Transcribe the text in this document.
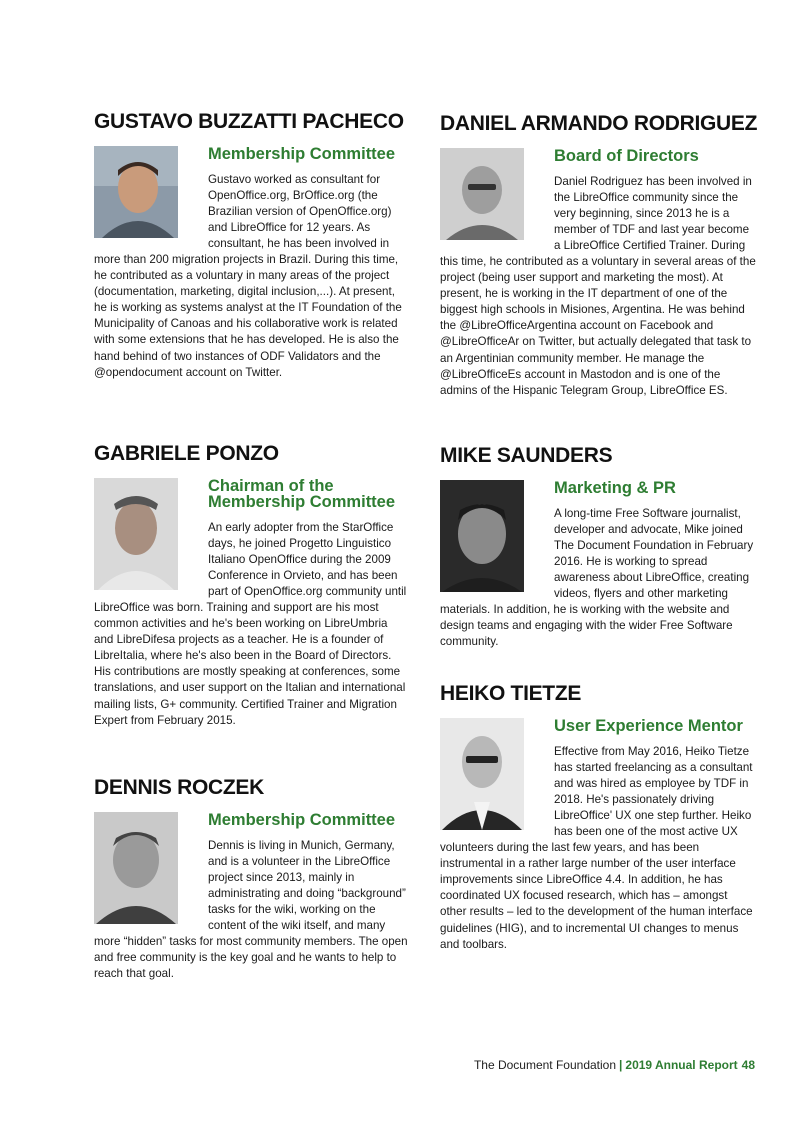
GUSTAVO BUZZATTI PACHECO
Membership Committee

Gustavo worked as consultant for OpenOffice.org, BrOffice.org (the Brazilian version of OpenOffice.org) and LibreOffice for 12 years. As consultant, he has been involved in more than 200 migration projects in Brazil. During this time, he contributed as a voluntary in many areas of the project (documentation, marketing, digital inclusion,...). At present, he is working as systems analyst at the IT Foundation of the Municipality of Canoas and his collaborative work is related with some extensions that he has developed. He is also the hand behind of two instances of ODF Validators and the @opendocument account on Twitter.

GABRIELE PONZO
Chairman of the Membership Committee

An early adopter from the StarOffice days, he joined Progetto Linguistico Italiano OpenOffice during the 2009 Conference in Orvieto, and has been part of OpenOffice.org community until LibreOffice was born. Training and support are his most common activities and he's been working on LibreUmbria and LibreDifesa projects as a teacher. He is a founder of LibreItalia, where he's also been in the Board of Directors. His contributions are mostly speaking at conferences, some translations, and user support on the Italian and international mailing lists, G+ community. Certified Trainer and Migration Expert from February 2015.

DENNIS ROCZEK
Membership Committee

Dennis is living in Munich, Germany, and is a volunteer in the LibreOffice project since 2013, mainly in administrating and doing “background” tasks for the wiki, working on the content of the wiki itself, and many more “hidden” tasks for most community members. The open and free community is the key goal and he wants to help to reach that goal.

DANIEL ARMANDO RODRIGUEZ
Board of Directors

Daniel Rodriguez has been involved in the LibreOffice community since the very beginning, since 2013 he is a member of TDF and last year become a LibreOffice Certified Trainer. During this time, he contributed as a voluntary in several areas of the project (being user support and marketing the most). At present, he is working in the IT department of one of the biggest high schools in Misiones, Argentina. He was behind the @LibreOfficeArgentina account on Facebook and @LibreOfficeAr on Twitter, but actually delegated that task to an Argentinian community member. He manage the @LibreOfficeEs account in Mastodon and is one of the admins of the Hispanic Telegram Group, LibreOffice ES.

MIKE SAUNDERS
Marketing & PR

A long-time Free Software journalist, developer and advocate, Mike joined The Document Foundation in February 2016. He is working to spread awareness about LibreOffice, creating videos, flyers and other marketing materials. In addition, he is working with the website and design teams and engaging with the wider Free Software community.

HEIKO TIETZE
User Experience Mentor

Effective from May 2016, Heiko Tietze has started freelancing as a consultant and was hired as employee by TDF in 2018. He's passionately driving LibreOffice' UX one step further. Heiko has been one of the most active UX volunteers during the last few years, and has been instrumental in a rather large number of the user interface improvements since LibreOffice 4.4. In addition, he has coordinated UX focused research, which has – amongst other results – led to the development of the human interface guidelines (HIG), and to incremental UI changes to menus and toolbars.

The Document Foundation | 2019 Annual Report 48
